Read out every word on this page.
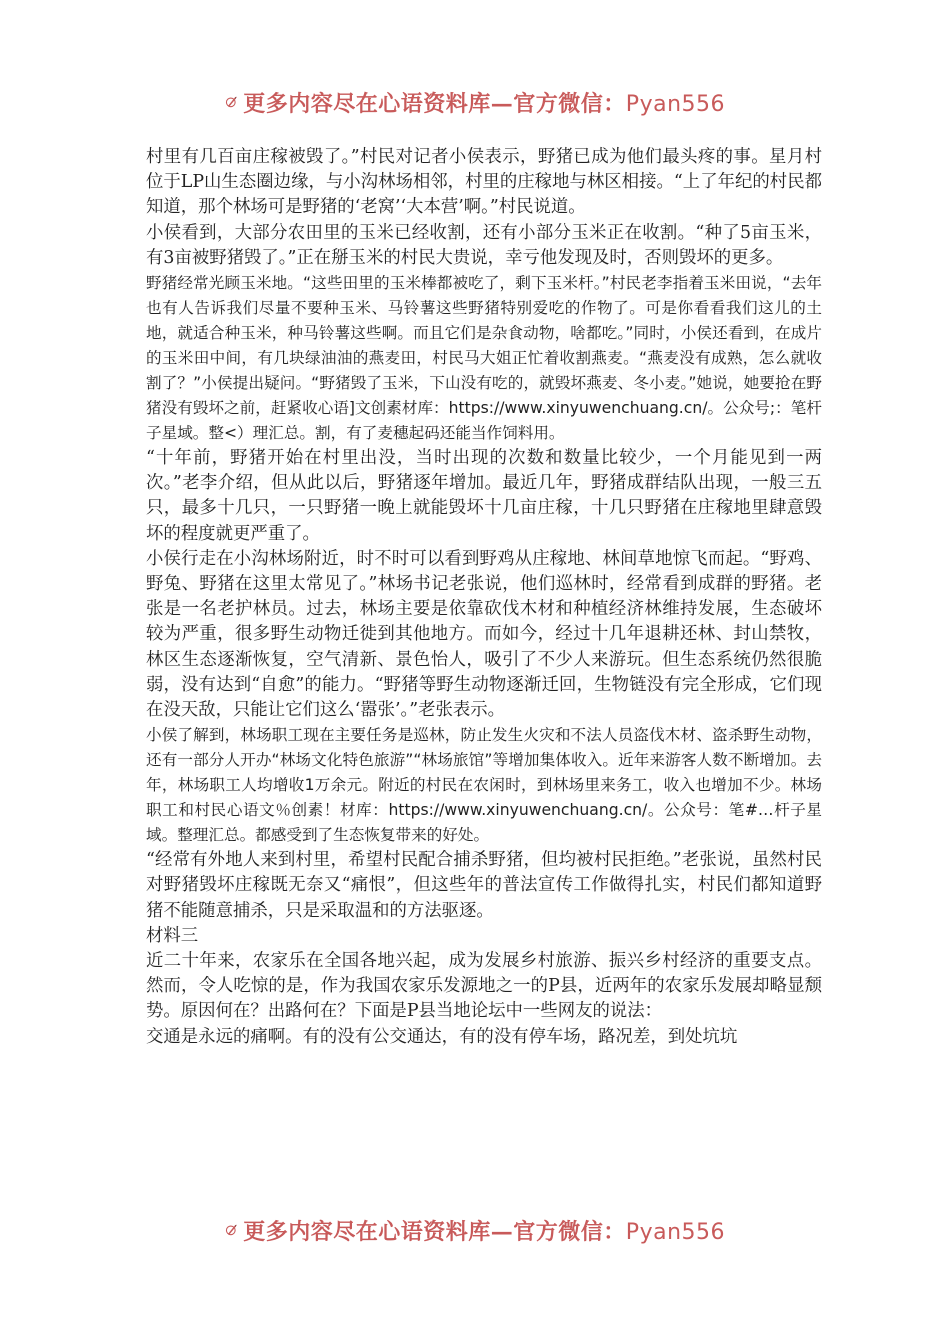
更多内容尽在心语资料库—官方微信：Pyan556

村里有几百亩庄稼被毁了。”村民对记者小侯表示，野猪已成为他们最头疼的事。星月村位于LP山生态圈边缘，与小沟林场相邻，村里的庄稼地与林区相接。“上了年纪的村民都知道，那个林场可是野猪的‘老窝’‘大本营’啊。”村民说道。

小侯看到，大部分农田里的玉米已经收割，还有小部分玉米正在收割。“种了5亩玉米，有3亩被野猪毁了。”正在掰玉米的村民大贵说，幸亏他发现及时，否则毁坏的更多。

野猪经常光顾玉米地。“这些田里的玉米棒都被吃了，剩下玉米杆。”村民老李指着玉米田说，“去年也有人告诉我们尽量不要种玉米、马铃薯这些野猪特别爱吃的作物了。可是你看看我们这儿的土地，就适合种玉米，种马铃薯这些啊。而且它们是杂食动物，啥都吃。”同时，小侯还看到，在成片的玉米田中间，有几块绿油油的燕麦田，村民马大姐正忙着收割燕麦。“燕麦没有成熟，怎么就收割了？”小侯提出疑问。“野猪毁了玉米，下山没有吃的，就毁坏燕麦、冬小麦。”她说，她要抢在野猪没有毁坏之前，赶紧收心语]文创素材库：https://www.xinyuwenchuang.cn/。公众号;：笔杆子星域。整<）理汇总。割，有了麦穗起码还能当作饲料用。

“十年前，野猪开始在村里出没，当时出现的次数和数量比较少，一个月能见到一两次。”老李介绍，但从此以后，野猪逐年增加。最近几年，野猪成群结队出现，一般三五只，最多十几只，一只野猪一晚上就能毁坏十几亩庄稼，十几只野猪在庄稼地里肆意毁坏的程度就更严重了。

小侯行走在小沟林场附近，时不时可以看到野鸡从庄稼地、林间草地惊飞而起。“野鸡、野兔、野猪在这里太常见了。”林场书记老张说，他们巡林时，经常看到成群的野猪。老张是一名老护林员。过去，林场主要是依靠砍伐木材和种植经济林维持发展，生态破坏较为严重，很多野生动物迁徙到其他地方。而如今，经过十几年退耕还林、封山禁牧，林区生态逐渐恢复，空气清新、景色怡人，吸引了不少人来游玩。但生态系统仍然很脆弱，没有达到“自愈”的能力。“野猪等野生动物逐渐迁回，生物链没有完全形成，它们现在没天敌，只能让它们这么‘嚣张’。”老张表示。

小侯了解到，林场职工现在主要任务是巡林，防止发生火灾和不法人员盗伐木材、盗杀野生动物，还有一部分人开办“林场文化特色旅游”“林场旅馆”等增加集体收入。近年来游客人数不断增加。去年，林场职工人均增收1万余元。附近的村民在农闲时，到林场里来务工，收入也增加不少。林场职工和村民心语文％创素！材库：https://www.xinyuwenchuang.cn/。公众号：笔#…杆子星域。整理汇总。都感受到了生态恢复带来的好处。

“经常有外地人来到村里，希望村民配合捕杀野猪，但均被村民拒绝。”老张说，虽然村民对野猪毁坏庄稼既无奈又“痛恨”，但这些年的普法宣传工作做得扎实，村民们都知道野猪不能随意捕杀，只是采取温和的方法驱逐。

材料三

近二十年来，农家乐在全国各地兴起，成为发展乡村旅游、振兴乡村经济的重要支点。然而，令人吃惊的是，作为我国农家乐发源地之一的P县，近两年的农家乐发展却略显颓势。原因何在？出路何在？下面是P县当地论坛中一些网友的说法：

交通是永远的痛啊。有的没有公交通达，有的没有停车场，路况差，到处坑坑

更多内容尽在心语资料库—官方微信：Pyan556
